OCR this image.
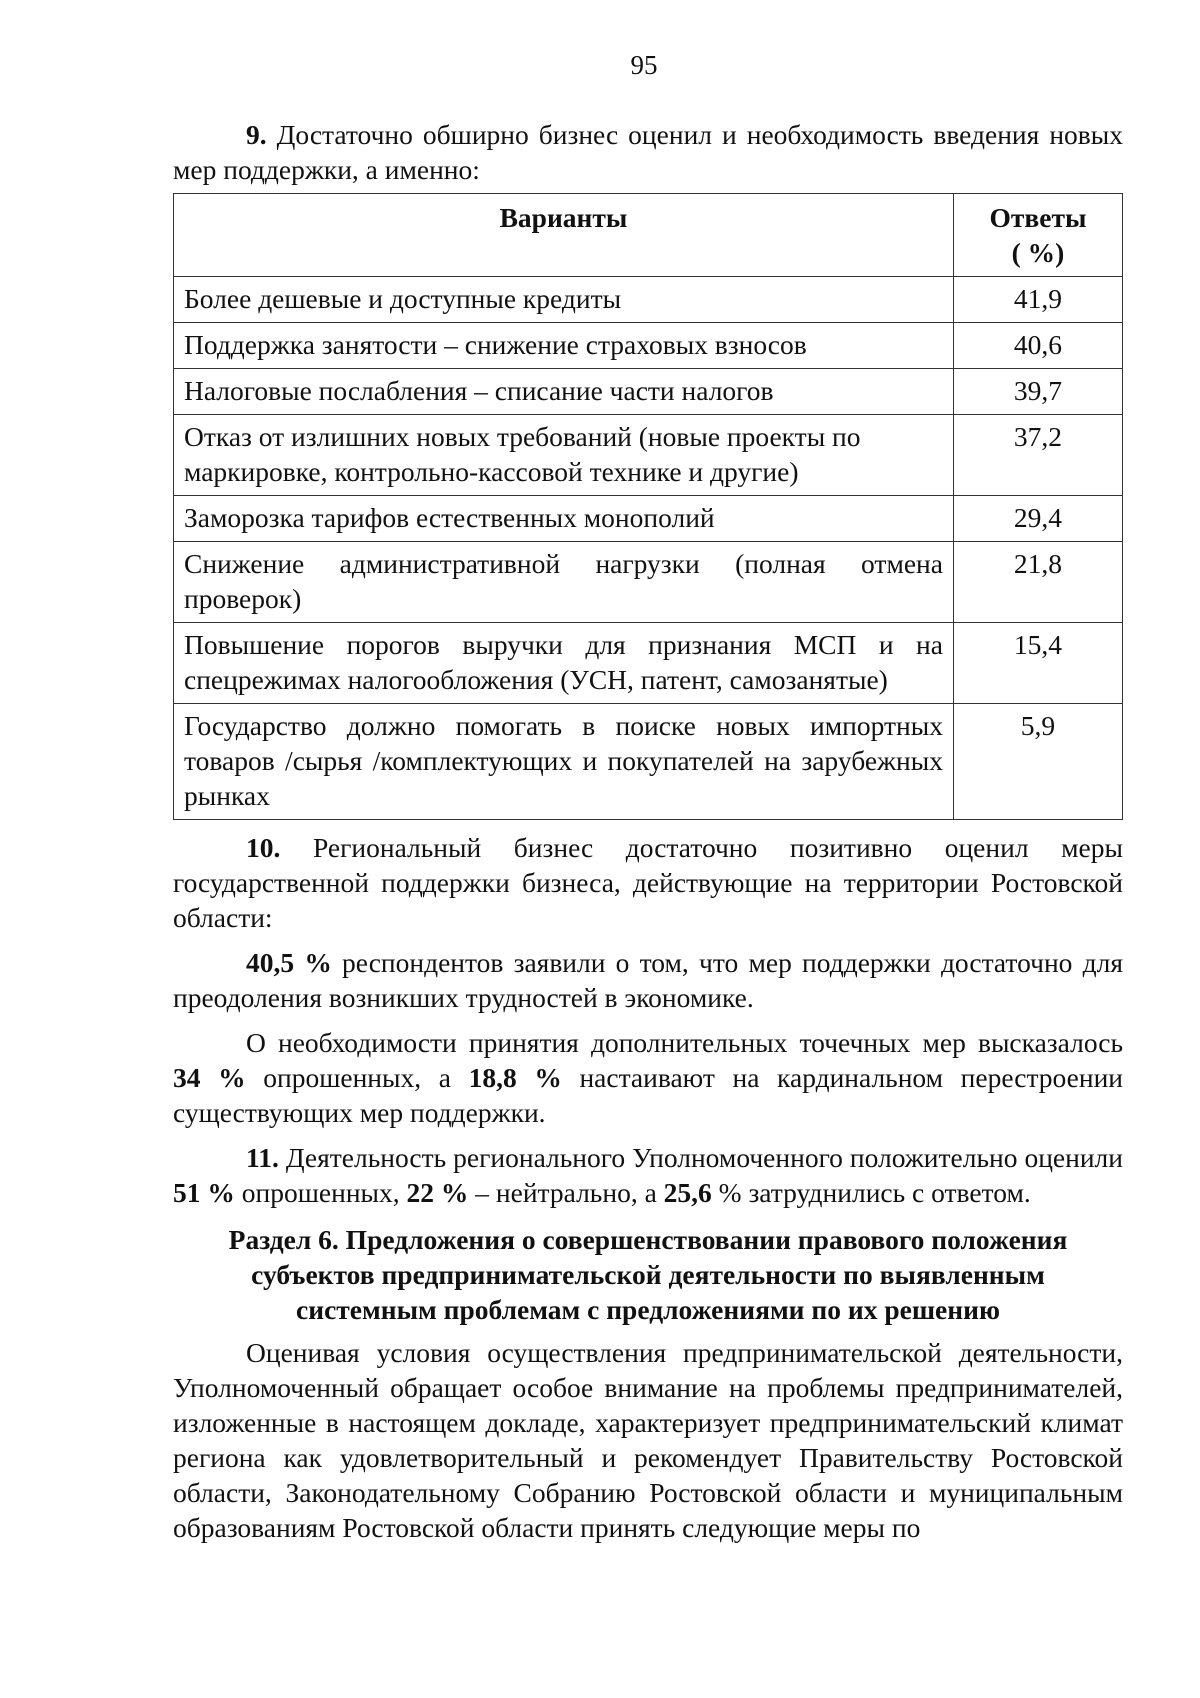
95

9. Достаточно обширно бизнес оценил и необходимость введения новых мер поддержки, а именно:

Варианты	Ответы
( %)

Более дешевые и доступные кредиты	41,9
Поддержка занятости – снижение страховых взносов	40,6
Налоговые послабления – списание части налогов	39,7
Отказ от излишних новых требований (новые проекты по маркировке, контрольно-кассовой технике и другие)	37,2
Заморозка тарифов естественных монополий	29,4
Снижение административной нагрузки (полная отмена проверок)	21,8
Повышение порогов выручки для признания МСП и на спецрежимах налогообложения (УСН, патент, самозанятые)	15,4
Государство должно помогать в поиске новых импортных товаров /сырья /комплектующих и покупателей на зарубежных рынках	5,9

10. Региональный бизнес достаточно позитивно оценил меры государственной поддержки бизнеса, действующие на территории Ростовской области:

40,5 % респондентов заявили о том, что мер поддержки достаточно для преодоления возникших трудностей в экономике.

О необходимости принятия дополнительных точечных мер высказалось 34 % опрошенных, а 18,8 % настаивают на кардинальном перестроении существующих мер поддержки.

11. Деятельность регионального Уполномоченного положительно оценили 51 % опрошенных, 22 % – нейтрально, а 25,6 % затруднились с ответом.

Раздел 6. Предложения о совершенствовании правового положения
субъектов предпринимательской деятельности по выявленным
системным проблемам с предложениями по их решению

Оценивая условия осуществления предпринимательской деятельности, Уполномоченный обращает особое внимание на проблемы предпринимателей, изложенные в настоящем докладе, характеризует предпринимательский климат региона как удовлетворительный и рекомендует Правительству Ростовской области, Законодательному Собранию Ростовской области и муниципальным образованиям Ростовской области принять следующие меры по
